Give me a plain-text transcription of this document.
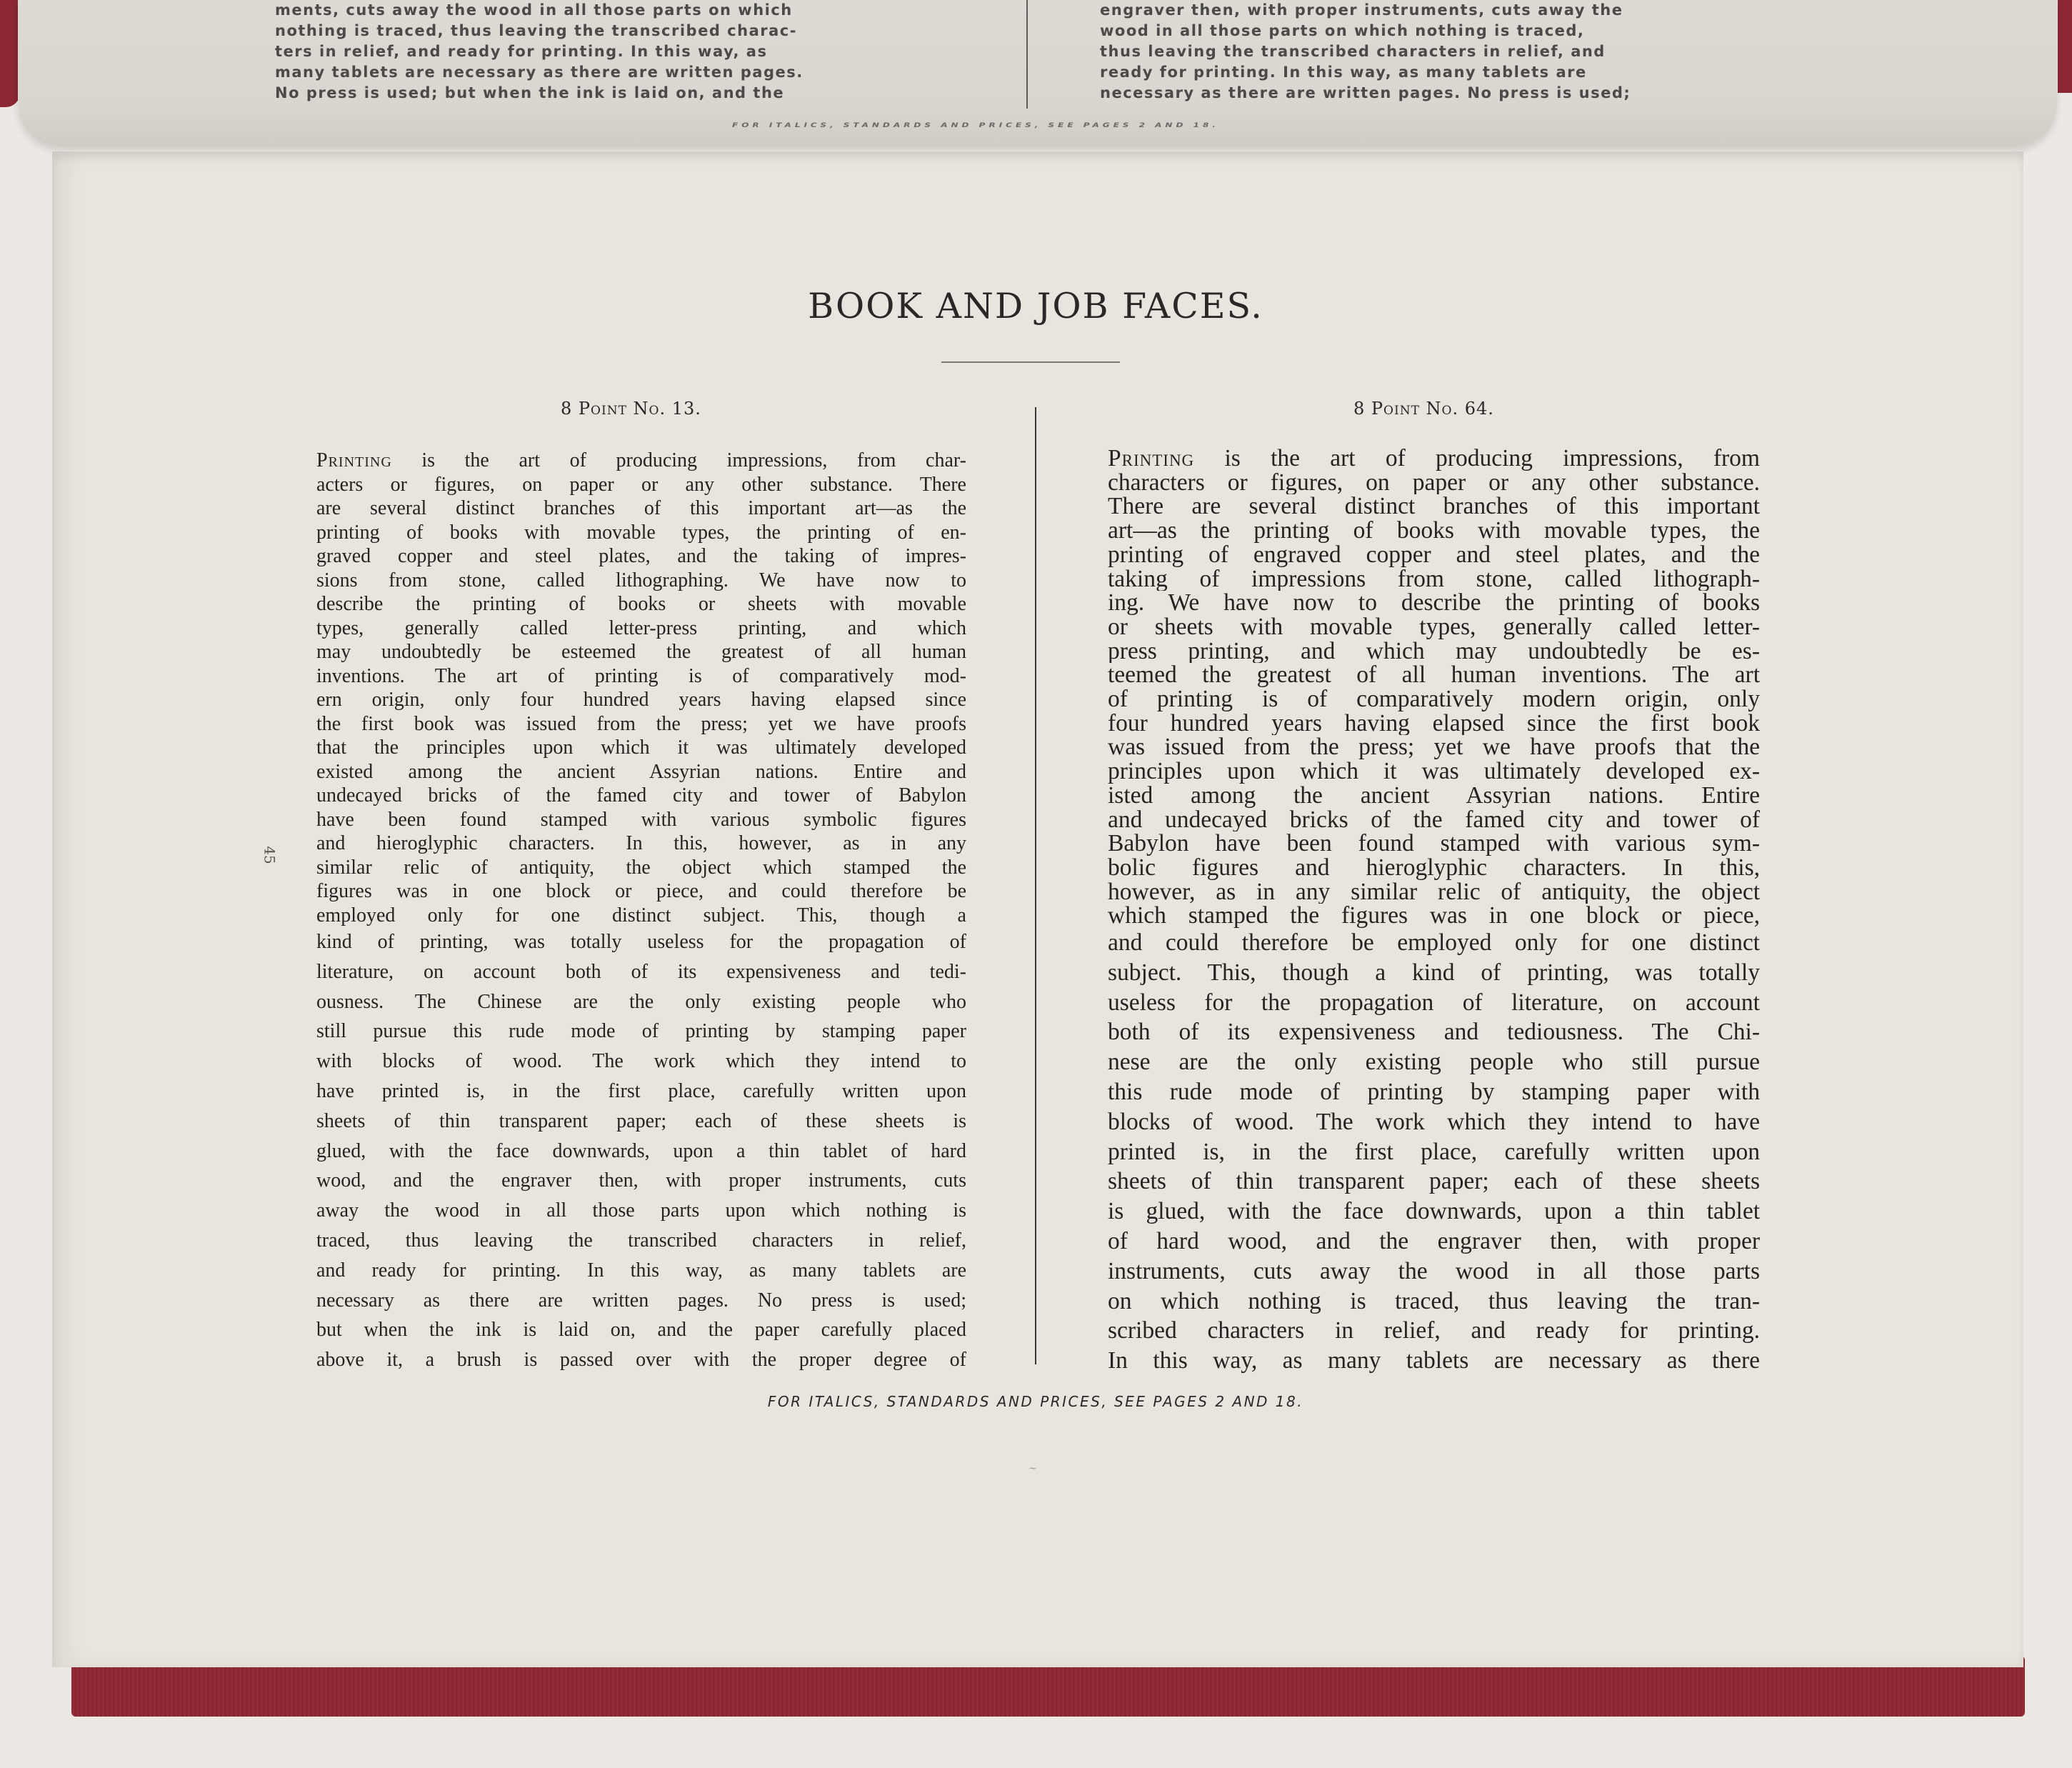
ments, cuts away the wood in all those parts on which
nothing is traced, thus leaving the transcribed charac-
ters in relief, and ready for printing. In this way, as
many tablets are necessary as there are written pages.
No press is used; but when the ink is laid on, and the
engraver then, with proper instruments, cuts away the
wood in all those parts on which nothing is traced,
thus leaving the transcribed characters in relief, and
ready for printing. In this way, as many tablets are
necessary as there are written pages. No press is used;
FOR ITALICS, STANDARDS AND PRICES, SEE PAGES 2 AND 18.
BOOK AND JOB FACES.
8 Point No. 13.	8 Point No. 64.
45
Printing is the art of producing impressions, from char-
acters or figures, on paper or any other substance. There
are several distinct branches of this important art—as the
printing of books with movable types, the printing of en-
graved copper and steel plates, and the taking of impres-
sions from stone, called lithographing. We have now to
describe the printing of books or sheets with movable
types, generally called letter-press printing, and which
may undoubtedly be esteemed the greatest of all human
inventions. The art of printing is of comparatively mod-
ern origin, only four hundred years having elapsed since
the first book was issued from the press; yet we have proofs
that the principles upon which it was ultimately developed
existed among the ancient Assyrian nations. Entire and
undecayed bricks of the famed city and tower of Babylon
have been found stamped with various symbolic figures
and hieroglyphic characters. In this, however, as in any
similar relic of antiquity, the object which stamped the
figures was in one block or piece, and could therefore be
employed only for one distinct subject. This, though a
kind of printing, was totally useless for the propagation of
literature, on account both of its expensiveness and tedi-
ousness. The Chinese are the only existing people who
still pursue this rude mode of printing by stamping paper
with blocks of wood. The work which they intend to
have printed is, in the first place, carefully written upon
sheets of thin transparent paper; each of these sheets is
glued, with the face downwards, upon a thin tablet of hard
wood, and the engraver then, with proper instruments, cuts
away the wood in all those parts upon which nothing is
traced, thus leaving the transcribed characters in relief,
and ready for printing. In this way, as many tablets are
necessary as there are written pages. No press is used;
but when the ink is laid on, and the paper carefully placed
above it, a brush is passed over with the proper degree of
Printing is the art of producing impressions, from
characters or figures, on paper or any other substance.
There are several distinct branches of this important
art—as the printing of books with movable types, the
printing of engraved copper and steel plates, and the
taking of impressions from stone, called lithograph-
ing. We have now to describe the printing of books
or sheets with movable types, generally called letter-
press printing, and which may undoubtedly be es-
teemed the greatest of all human inventions. The art
of printing is of comparatively modern origin, only
four hundred years having elapsed since the first book
was issued from the press; yet we have proofs that the
principles upon which it was ultimately developed ex-
isted among the ancient Assyrian nations. Entire
and undecayed bricks of the famed city and tower of
Babylon have been found stamped with various sym-
bolic figures and hieroglyphic characters. In this,
however, as in any similar relic of antiquity, the object
which stamped the figures was in one block or piece,
and could therefore be employed only for one distinct
subject. This, though a kind of printing, was totally
useless for the propagation of literature, on account
both of its expensiveness and tediousness. The Chi-
nese are the only existing people who still pursue
this rude mode of printing by stamping paper with
blocks of wood. The work which they intend to have
printed is, in the first place, carefully written upon
sheets of thin transparent paper; each of these sheets
is glued, with the face downwards, upon a thin tablet
of hard wood, and the engraver then, with proper
instruments, cuts away the wood in all those parts
on which nothing is traced, thus leaving the tran-
scribed characters in relief, and ready for printing.
In this way, as many tablets are necessary as there
FOR ITALICS, STANDARDS AND PRICES, SEE PAGES 2 AND 18.
~
